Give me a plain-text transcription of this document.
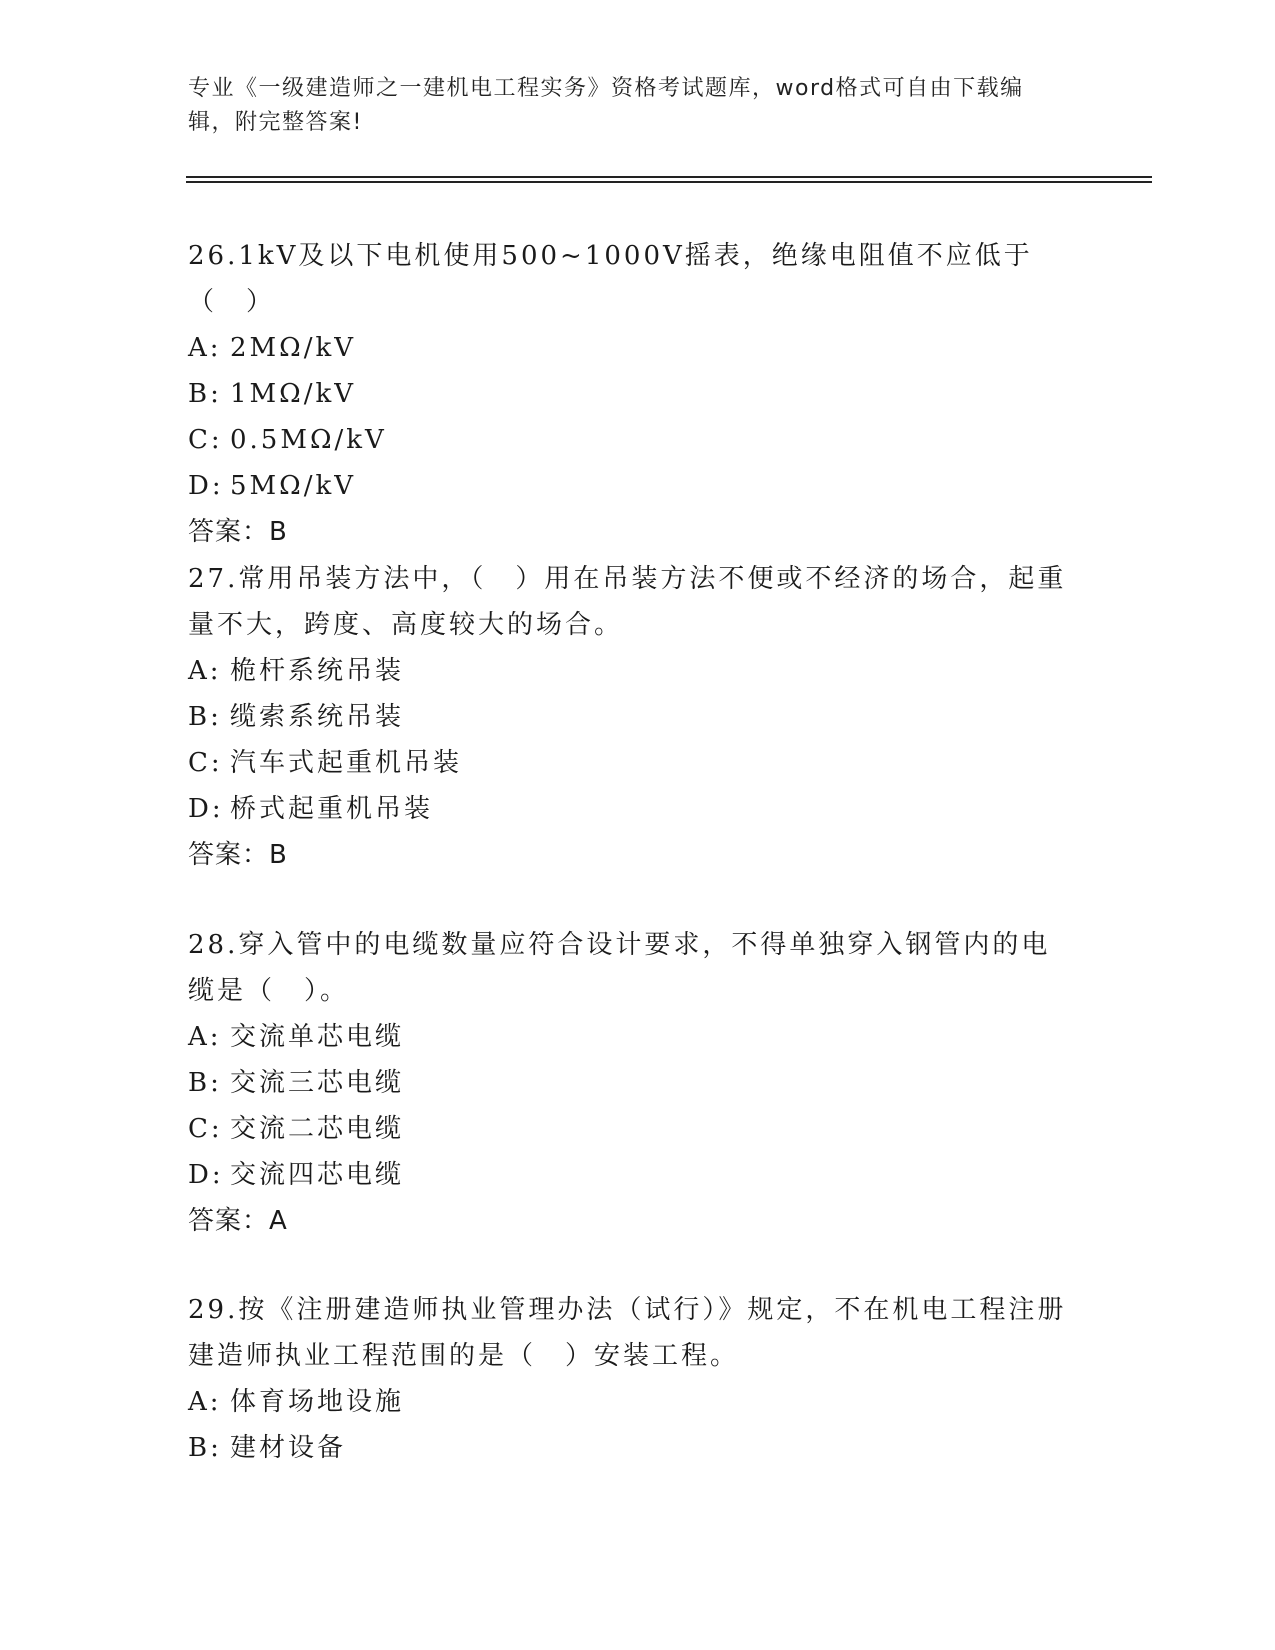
专业《一级建造师之一建机电工程实务》资格考试题库，word格式可自由下载编辑，附完整答案!

26.1kV及以下电机使用500~1000V摇表，绝缘电阻值不应低于（　）

A: 2MΩ/kV

B: 1MΩ/kV

C: 0.5MΩ/kV

D: 5MΩ/kV

答案：B

27.常用吊装方法中，（　）用在吊装方法不便或不经济的场合，起重量不大，跨度、高度较大的场合。

A: 桅杆系统吊装

B: 缆索系统吊装

C: 汽车式起重机吊装

D: 桥式起重机吊装

答案：B

28.穿入管中的电缆数量应符合设计要求，不得单独穿入钢管内的电缆是（　）。

A: 交流单芯电缆

B: 交流三芯电缆

C: 交流二芯电缆

D: 交流四芯电缆

答案：A

29.按《注册建造师执业管理办法（试行）》规定，不在机电工程注册建造师执业工程范围的是（　）安装工程。

A: 体育场地设施

B: 建材设备
